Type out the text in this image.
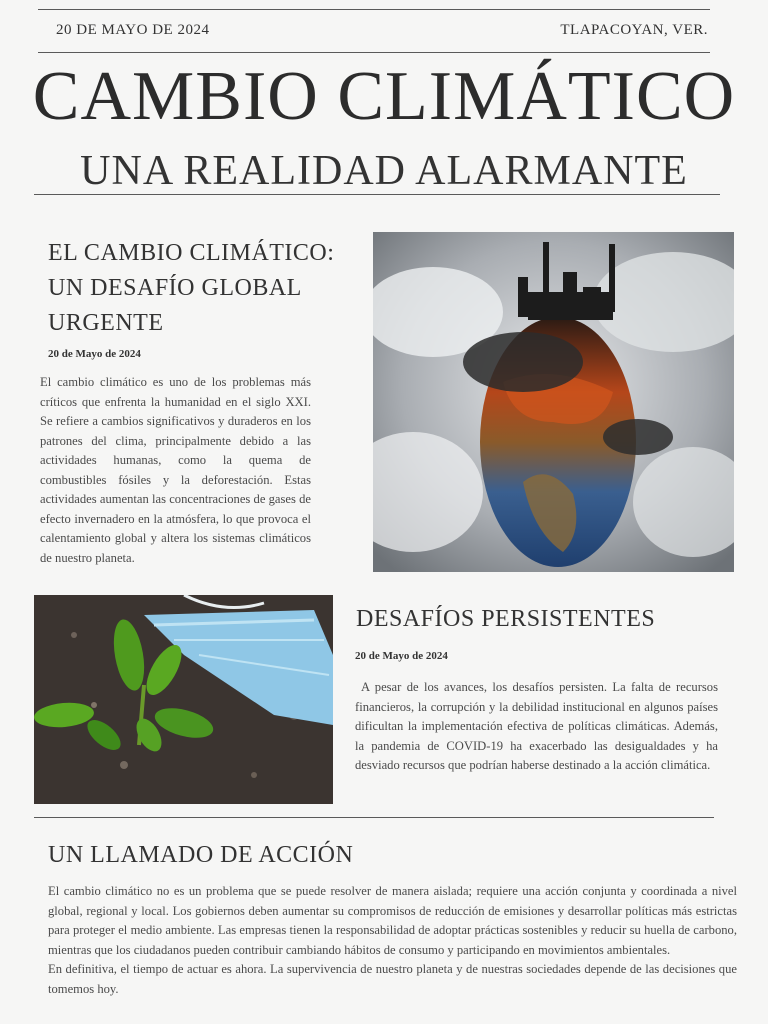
20 DE MAYO DE 2024	TLAPACOYAN, VER.
CAMBIO CLIMÁTICO
UNA REALIDAD ALARMANTE
EL CAMBIO CLIMÁTICO:
UN DESAFÍO GLOBAL
URGENTE
20 de Mayo de 2024
El cambio climático es uno de los problemas más críticos que enfrenta la humanidad en el siglo XXI. Se refiere a cambios significativos y duraderos en los patrones del clima, principalmente debido a las actividades humanas, como la quema de combustibles fósiles y la deforestación. Estas actividades aumentan las concentraciones de gases de efecto invernadero en la atmósfera, lo que provoca el calentamiento global y altera los sistemas climáticos de nuestro planeta.
DESAFÍOS PERSISTENTES
20 de Mayo de 2024
A pesar de los avances, los desafíos persisten. La falta de recursos financieros, la corrupción y la debilidad institucional en algunos países dificultan la implementación efectiva de políticas climáticas. Además, la pandemia de COVID-19 ha exacerbado las desigualdades y ha desviado recursos que podrían haberse destinado a la acción climática.
UN LLAMADO DE ACCIÓN
El cambio climático no es un problema que se puede resolver de manera aislada; requiere una acción conjunta y coordinada a nivel global, regional y local. Los gobiernos deben aumentar su compromisos de reducción de emisiones y desarrollar políticas más estrictas para proteger el medio ambiente. Las empresas tienen la responsabilidad de adoptar prácticas sostenibles y reducir su huella de carbono, mientras que los ciudadanos pueden contribuir cambiando hábitos de consumo y participando en movimientos ambientales.
En definitiva, el tiempo de actuar es ahora. La supervivencia de nuestro planeta y de nuestras sociedades depende de las decisiones que tomemos hoy.
